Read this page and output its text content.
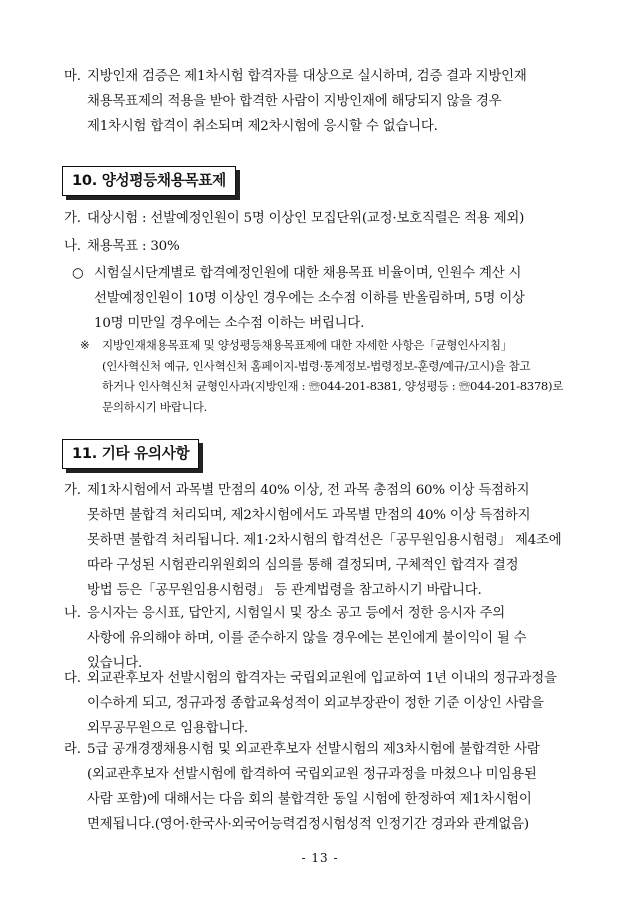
마. 지방인재 검증은 제1차시험 합격자를 대상으로 실시하며, 검증 결과 지방인재
채용목표제의 적용을 받아 합격한 사람이 지방인재에 해당되지 않을 경우
제1차시험 합격이 취소되며 제2차시험에 응시할 수 없습니다.
10. 양성평등채용목표제
가. 대상시험 : 선발예정인원이 5명 이상인 모집단위(교정·보호직렬은 적용 제외)
나. 채용목표 : 30%
○ 시험실시단계별로 합격예정인원에 대한 채용목표 비율이며, 인원수 계산 시
선발예정인원이 10명 이상인 경우에는 소수점 이하를 반올림하며, 5명 이상
10명 미만일 경우에는 소수점 이하는 버립니다.
※	지방인재채용목표제 및 양성평등채용목표제에 대한 자세한 사항은「균형인사지침」
(인사혁신처 예규, 인사혁신처 홈페이지-법령·통계정보-법령정보-훈령/예규/고시)을 참고
하거나 인사혁신처 균형인사과(지방인재 : ☏044-201-8381, 양성평등 : ☏044-201-8378)로
문의하시기 바랍니다.
11. 기타 유의사항
가. 제1차시험에서 과목별 만점의 40% 이상, 전 과목 총점의 60% 이상 득점하지
못하면 불합격 처리되며, 제2차시험에서도 과목별 만점의 40% 이상 득점하지
못하면 불합격 처리됩니다. 제1·2차시험의 합격선은「공무원임용시험령」 제4조에
따라 구성된 시험관리위원회의 심의를 통해 결정되며, 구체적인 합격자 결정
방법 등은「공무원임용시험령」 등 관계법령을 참고하시기 바랍니다.
나. 응시자는 응시표, 답안지, 시험일시 및 장소 공고 등에서 정한 응시자 주의
사항에 유의해야 하며, 이를 준수하지 않을 경우에는 본인에게 불이익이 될 수
있습니다.
다. 외교관후보자 선발시험의 합격자는 국립외교원에 입교하여 1년 이내의 정규과정을
이수하게 되고, 정규과정 종합교육성적이 외교부장관이 정한 기준 이상인 사람을
외무공무원으로 임용합니다.
라. 5급 공개경쟁채용시험 및 외교관후보자 선발시험의 제3차시험에 불합격한 사람
(외교관후보자 선발시험에 합격하여 국립외교원 정규과정을 마쳤으나 미임용된
사람 포함)에 대해서는 다음 회의 불합격한 동일 시험에 한정하여 제1차시험이
면제됩니다.(영어·한국사·외국어능력검정시험성적 인정기간 경과와 관계없음)
- 13 -
